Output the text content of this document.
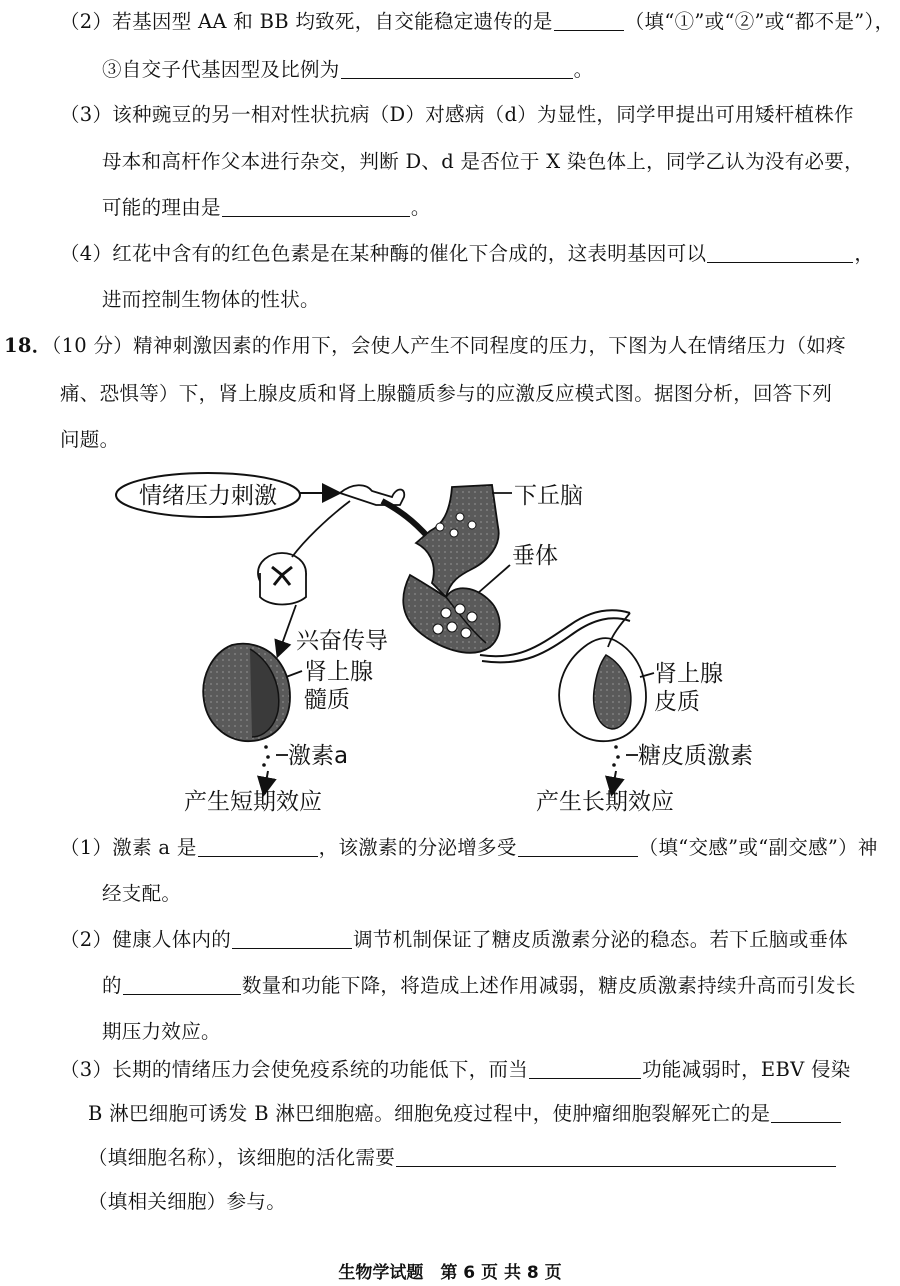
（2）若基因型 AA 和 BB 均致死，自交能稳定遗传的是	（填“①”或“②”或“都不是”），
③自交子代基因型及比例为	。
（3）该种豌豆的另一相对性状抗病（D）对感病（d）为显性，同学甲提出可用矮杆植株作
母本和高杆作父本进行杂交，判断 D、d 是否位于 X 染色体上，同学乙认为没有必要，
可能的理由是	。
（4）红花中含有的红色色素是在某种酶的催化下合成的，这表明基因可以	，
进而控制生物体的性状。
18．（10 分）精神刺激因素的作用下，会使人产生不同程度的压力，下图为人在情绪压力（如疼
痛、恐惧等）下，肾上腺皮质和肾上腺髓质参与的应激反应模式图。据图分析，回答下列
问题。
情绪压力刺激	下丘脑
垂体
兴奋传导
肾上腺
髓质
激素a
产生短期效应
肾上腺
皮质
糖皮质激素
产生长期效应
（1）激素 a 是	，该激素的分泌增多受	（填“交感”或“副交感”）神
经支配。
（2）健康人体内的	调节机制保证了糖皮质激素分泌的稳态。若下丘脑或垂体
的	数量和功能下降，将造成上述作用减弱，糖皮质激素持续升高而引发长
期压力效应。
（3）长期的情绪压力会使免疫系统的功能低下，而当	功能减弱时，EBV 侵染
B 淋巴细胞可诱发 B 淋巴细胞癌。细胞免疫过程中，使肿瘤细胞裂解死亡的是
（填细胞名称），该细胞的活化需要
（填相关细胞）参与。
生物学试题　第 6 页 共 8 页
